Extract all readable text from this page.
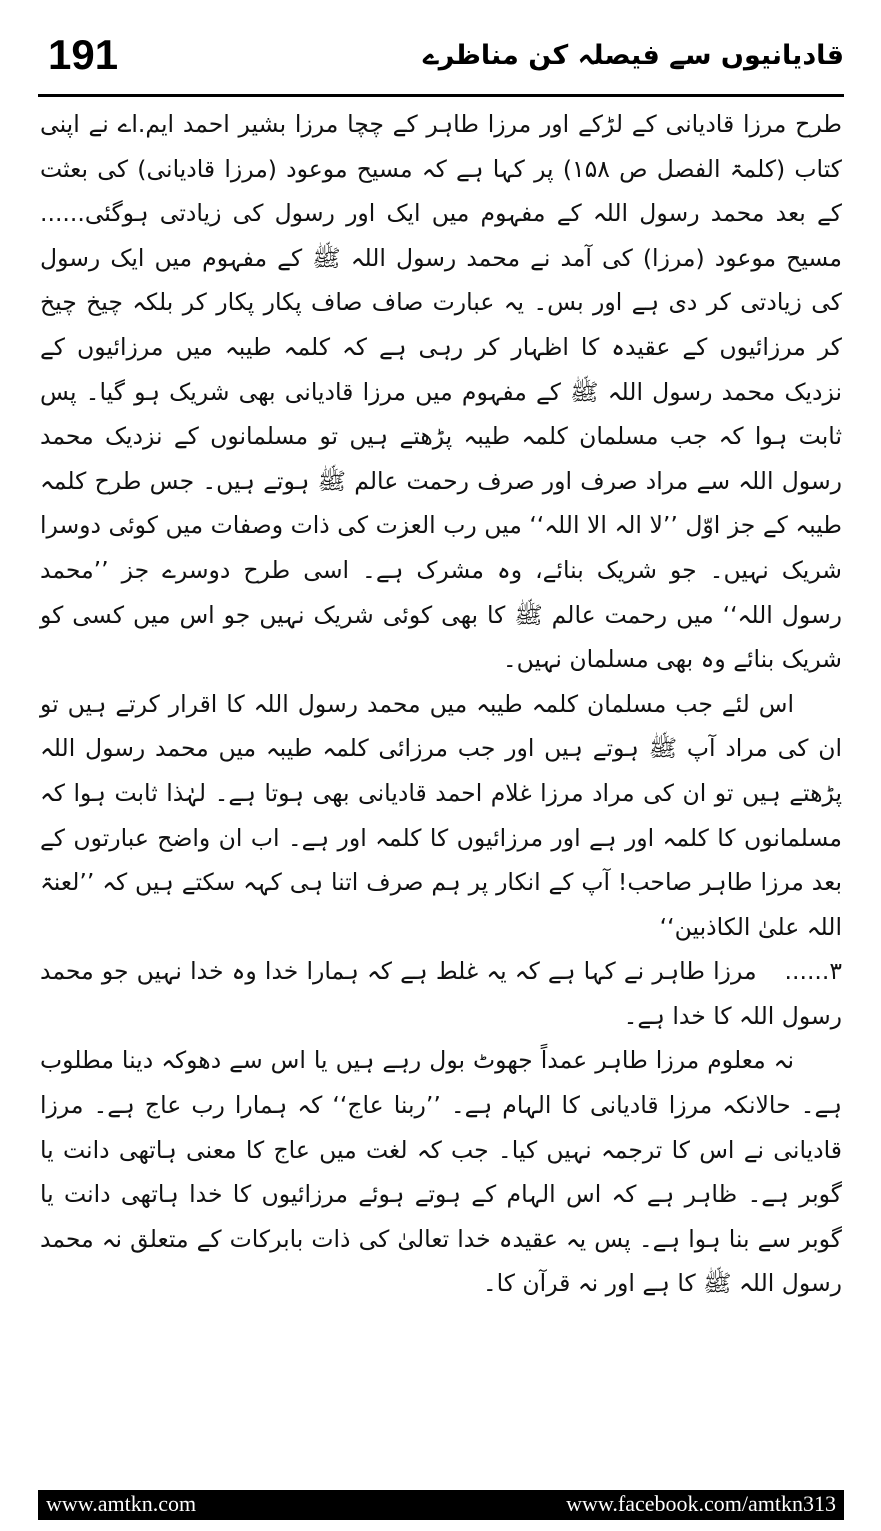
191	قادیانیوں سے فیصلہ کن مناظرے

طرح مرزا قادیانی کے لڑکے اور مرزا طاہر کے چچا مرزا بشیر احمد ایم.اے نے اپنی کتاب (کلمۃ الفصل ص ۱۵۸) پر کہا ہے کہ مسیح موعود (مرزا قادیانی) کی بعثت کے بعد محمد رسول اللہ کے مفہوم میں ایک اور رسول کی زیادتی ہوگئی...... مسیح موعود (مرزا) کی آمد نے محمد رسول اللہ ﷺ کے مفہوم میں ایک رسول کی زیادتی کر دی ہے اور بس۔ یہ عبارت صاف صاف پکار پکار کر بلکہ چیخ چیخ کر مرزائیوں کے عقیدہ کا اظہار کر رہی ہے کہ کلمہ طیبہ میں مرزائیوں کے نزدیک محمد رسول اللہ ﷺ کے مفہوم میں مرزا قادیانی بھی شریک ہو گیا۔ پس ثابت ہوا کہ جب مسلمان کلمہ طیبہ پڑھتے ہیں تو مسلمانوں کے نزدیک محمد رسول اللہ سے مراد صرف اور صرف رحمت عالم ﷺ ہوتے ہیں۔ جس طرح کلمہ طیبہ کے جز اوّل ’’لا الہ الا اللہ‘‘ میں رب العزت کی ذات وصفات میں کوئی دوسرا شریک نہیں۔ جو شریک بنائے، وہ مشرک ہے۔ اسی طرح دوسرے جز ’’محمد رسول اللہ‘‘ میں رحمت عالم ﷺ کا بھی کوئی شریک نہیں جو اس میں کسی کو شریک بنائے وہ بھی مسلمان نہیں۔

اس لئے جب مسلمان کلمہ طیبہ میں محمد رسول اللہ کا اقرار کرتے ہیں تو ان کی مراد آپ ﷺ ہوتے ہیں اور جب مرزائی کلمہ طیبہ میں محمد رسول اللہ پڑھتے ہیں تو ان کی مراد مرزا غلام احمد قادیانی بھی ہوتا ہے۔ لہٰذا ثابت ہوا کہ مسلمانوں کا کلمہ اور ہے اور مرزائیوں کا کلمہ اور ہے۔ اب ان واضح عبارتوں کے بعد مرزا طاہر صاحب! آپ کے انکار پر ہم صرف اتنا ہی کہہ سکتے ہیں کہ ’’لعنۃ اللہ علیٰ الکاذبین‘‘

۳......مرزا طاہر نے کہا ہے کہ یہ غلط ہے کہ ہمارا خدا وہ خدا نہیں جو محمد رسول اللہ کا خدا ہے۔

نہ معلوم مرزا طاہر عمداً جھوٹ بول رہے ہیں یا اس سے دھوکہ دینا مطلوب ہے۔ حالانکہ مرزا قادیانی کا الہام ہے۔ ’’ربنا عاج‘‘ کہ ہمارا رب عاج ہے۔ مرزا قادیانی نے اس کا ترجمہ نہیں کیا۔ جب کہ لغت میں عاج کا معنی ہاتھی دانت یا گوبر ہے۔ ظاہر ہے کہ اس الہام کے ہوتے ہوئے مرزائیوں کا خدا ہاتھی دانت یا گوبر سے بنا ہوا ہے۔ پس یہ عقیدہ خدا تعالیٰ کی ذات بابرکات کے متعلق نہ محمد رسول اللہ ﷺ کا ہے اور نہ قرآن کا۔

www.amtkn.com	www.facebook.com/amtkn313
